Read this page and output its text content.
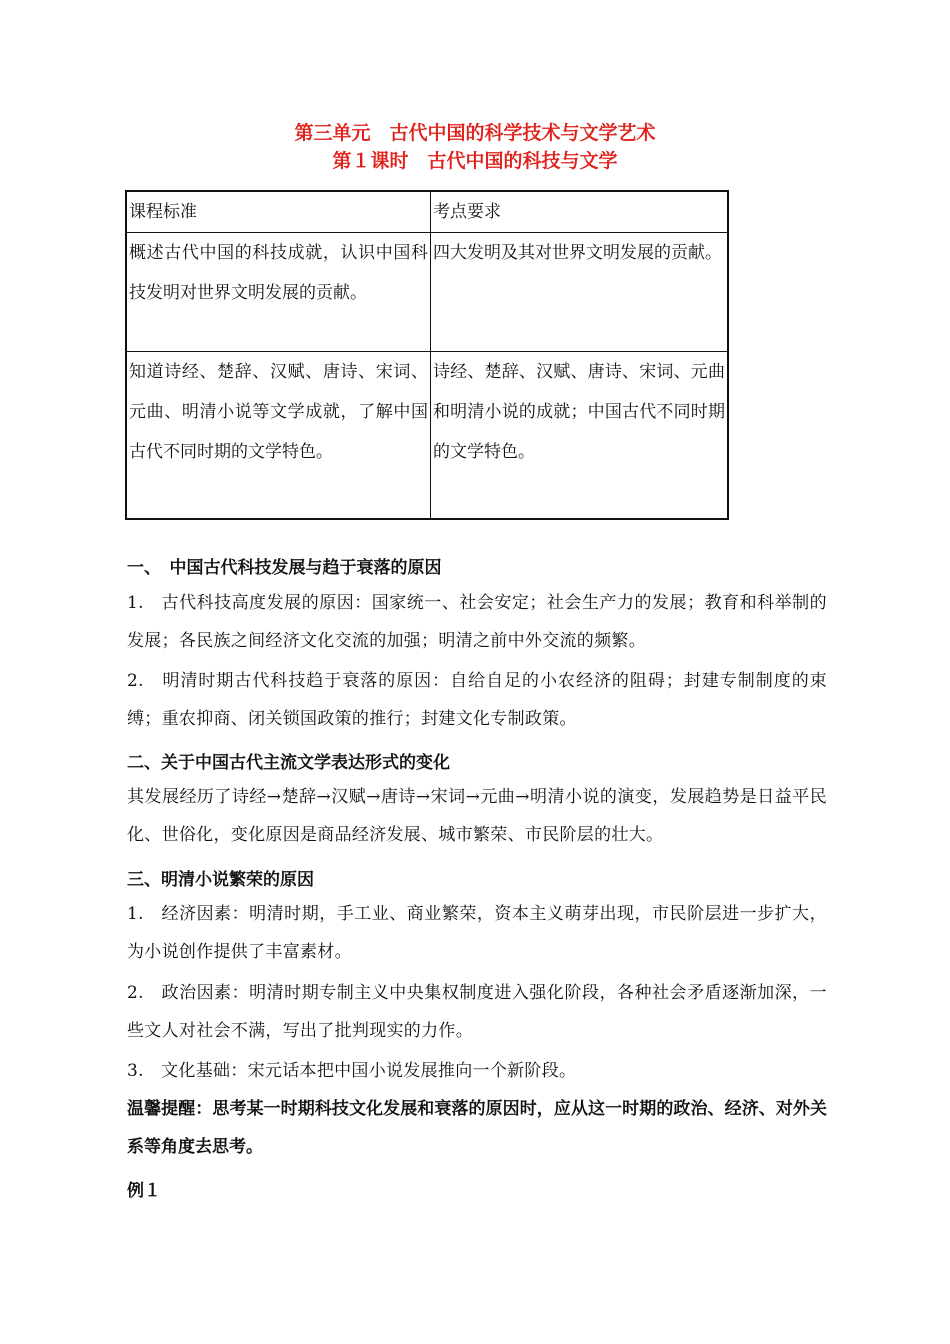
第三单元　古代中国的科学技术与文学艺术
第１课时　古代中国的科技与文学
课程标准	考点要求
概述古代中国的科技成就，认识中国科技发明对世界文明发展的贡献。	四大发明及其对世界文明发展的贡献。
知道诗经、楚辞、汉赋、唐诗、宋词、元曲、明清小说等文学成就，了解中国古代不同时期的文学特色。	诗经、楚辞、汉赋、唐诗、宋词、元曲和明清小说的成就；中国古代不同时期的文学特色。
一、　中国古代科技发展与趋于衰落的原因
1.　古代科技高度发展的原因：国家统一、社会安定；社会生产力的发展；教育和科举制的发展；各民族之间经济文化交流的加强；明清之前中外交流的频繁。
2.　明清时期古代科技趋于衰落的原因：自给自足的小农经济的阻碍；封建专制制度的束缚；重农抑商、闭关锁国政策的推行；封建文化专制政策。
二、关于中国古代主流文学表达形式的变化
其发展经历了诗经→楚辞→汉赋→唐诗→宋词→元曲→明清小说的演变，发展趋势是日益平民化、世俗化，变化原因是商品经济发展、城市繁荣、市民阶层的壮大。
三、明清小说繁荣的原因
1.　经济因素：明清时期，手工业、商业繁荣，资本主义萌芽出现，市民阶层进一步扩大，为小说创作提供了丰富素材。
2.　政治因素：明清时期专制主义中央集权制度进入强化阶段，各种社会矛盾逐渐加深，一些文人对社会不满，写出了批判现实的力作。
3.　文化基础：宋元话本把中国小说发展推向一个新阶段。
温馨提醒：思考某一时期科技文化发展和衰落的原因时，应从这一时期的政治、经济、对外关系等角度去思考。
例１
